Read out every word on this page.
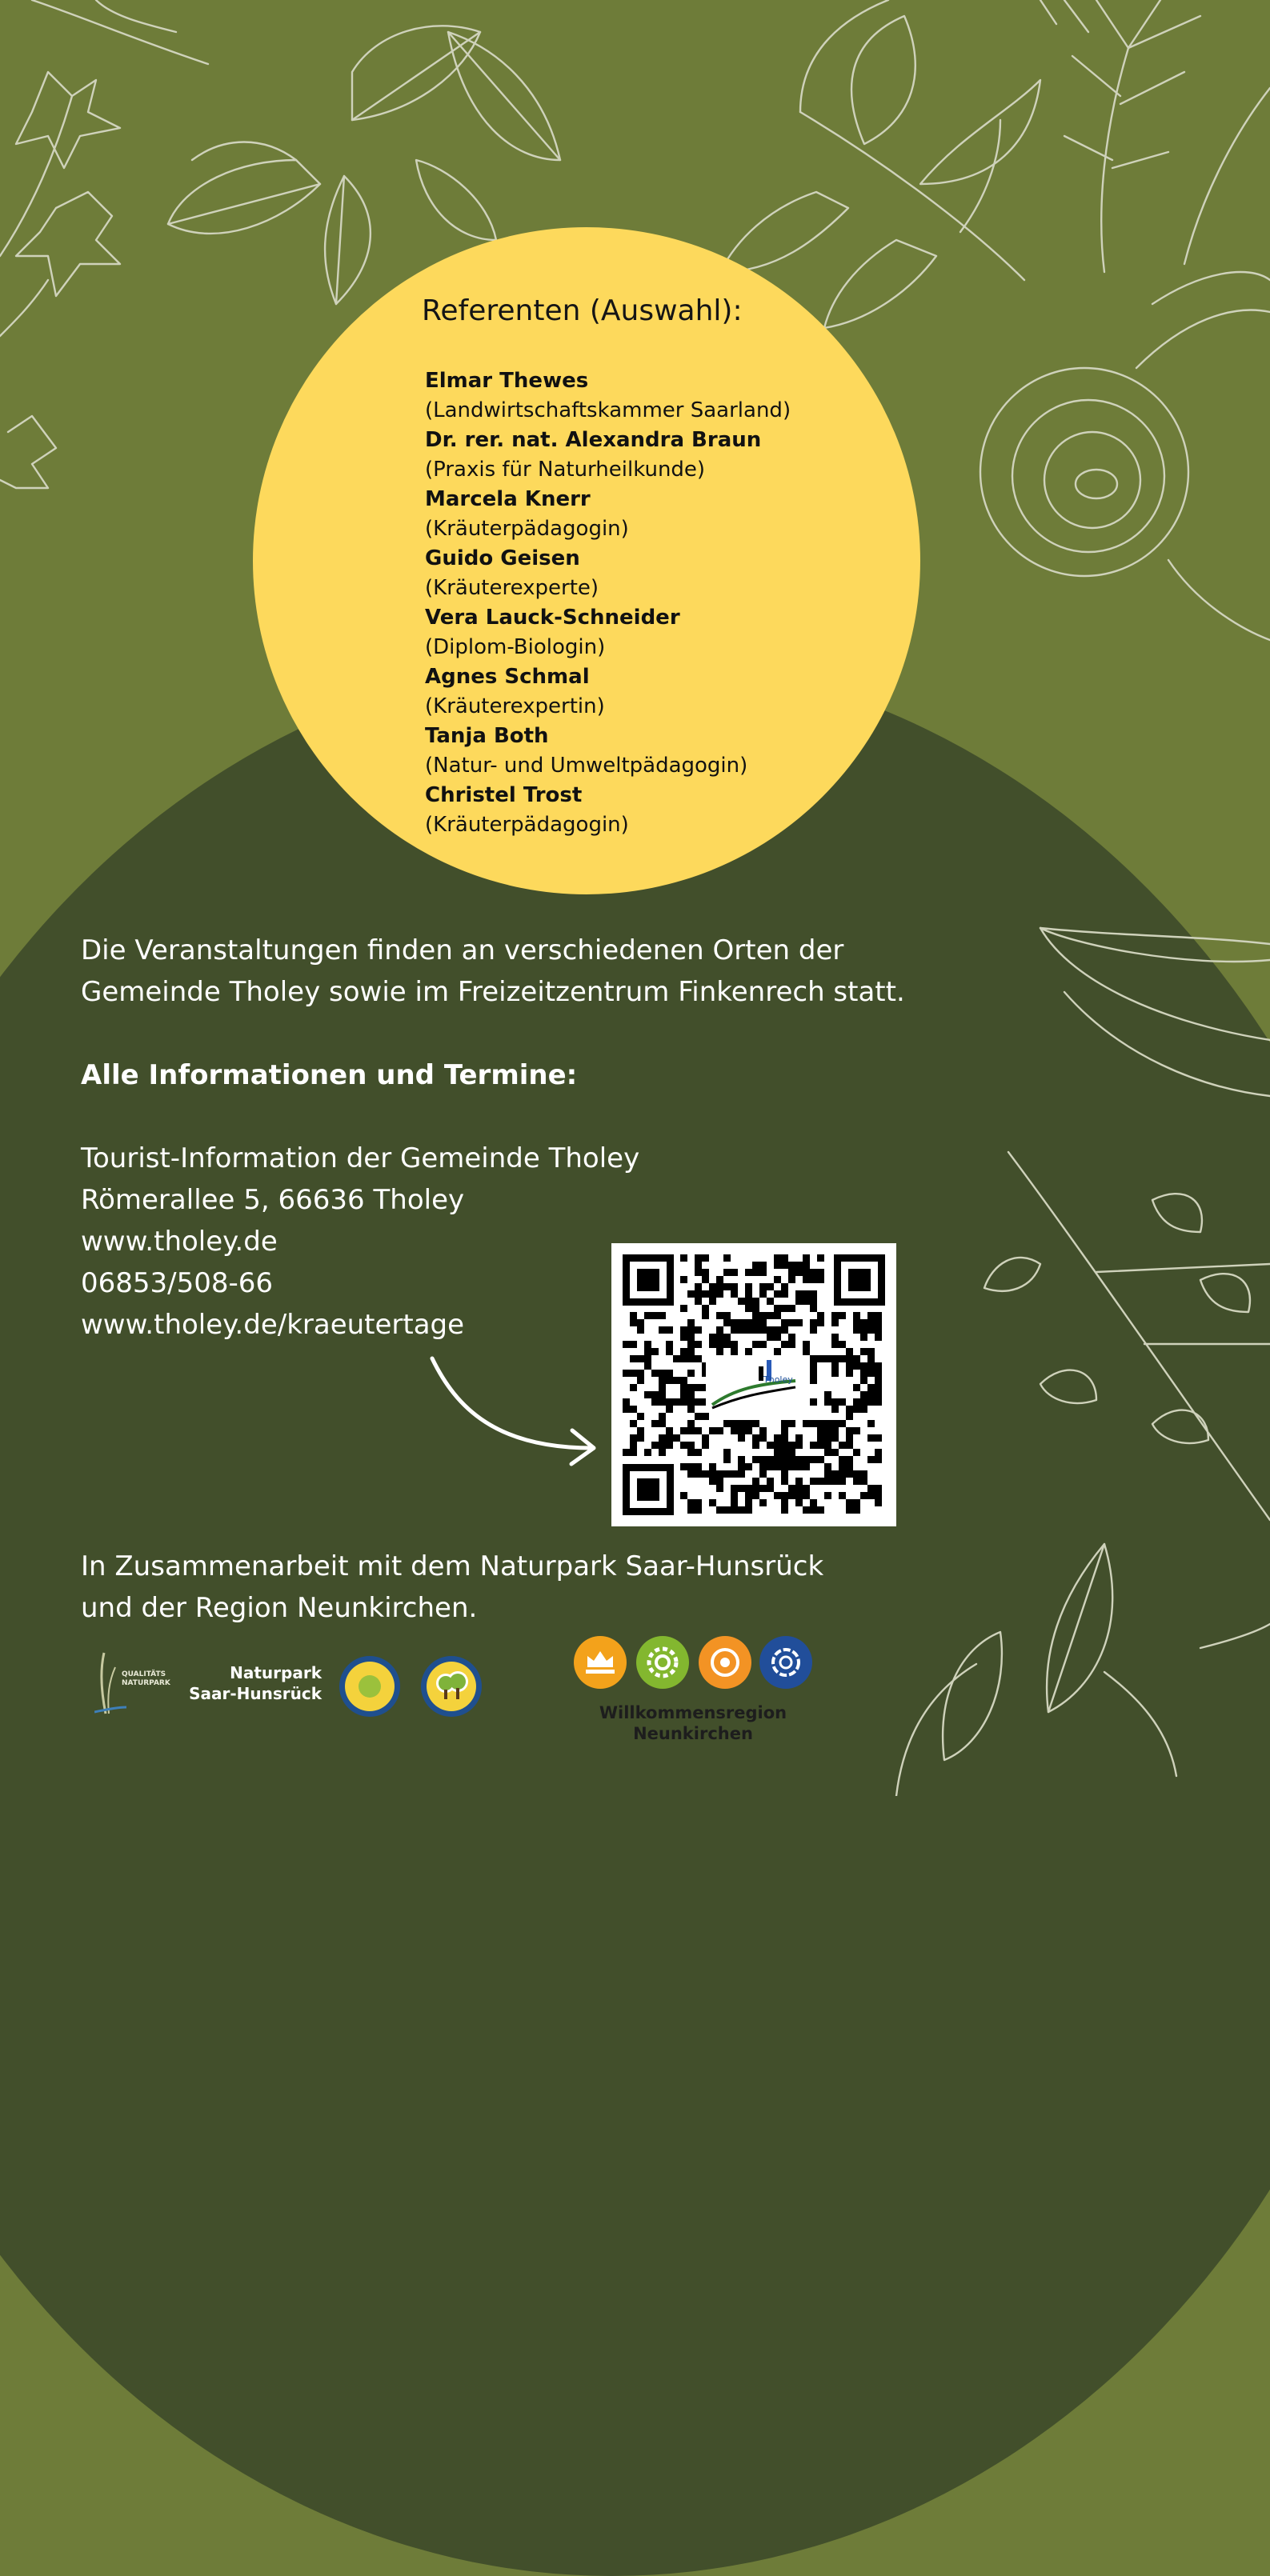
Referenten (Auswahl):
Elmar Thewes
(Landwirtschaftskammer Saarland)
Dr. rer. nat. Alexandra Braun
(Praxis für Naturheilkunde)
Marcela Knerr
(Kräuterpädagogin)
Guido Geisen
(Kräuterexperte)
Vera Lauck-Schneider
(Diplom-Biologin)
Agnes Schmal
(Kräuterexpertin)
Tanja Both
(Natur- und Umweltpädagogin)
Christel Trost
(Kräuterpädagogin)

Die Veranstaltungen finden an verschiedenen Orten der
Gemeinde Tholey sowie im Freizeitzentrum Finkenrech statt.

Alle Informationen und Termine:

Tourist-Information der Gemeinde Tholey
Römerallee 5, 66636 Tholey
www.tholey.de
06853/508-66
www.tholey.de/kraeutertage

Tholey

In Zusammenarbeit mit dem Naturpark Saar-Hunsrück
und der Region Neunkirchen.

QUALITÄTS
NATURPARK
Naturpark
Saar-Hunsrück
Willkommensregion
Neunkirchen
